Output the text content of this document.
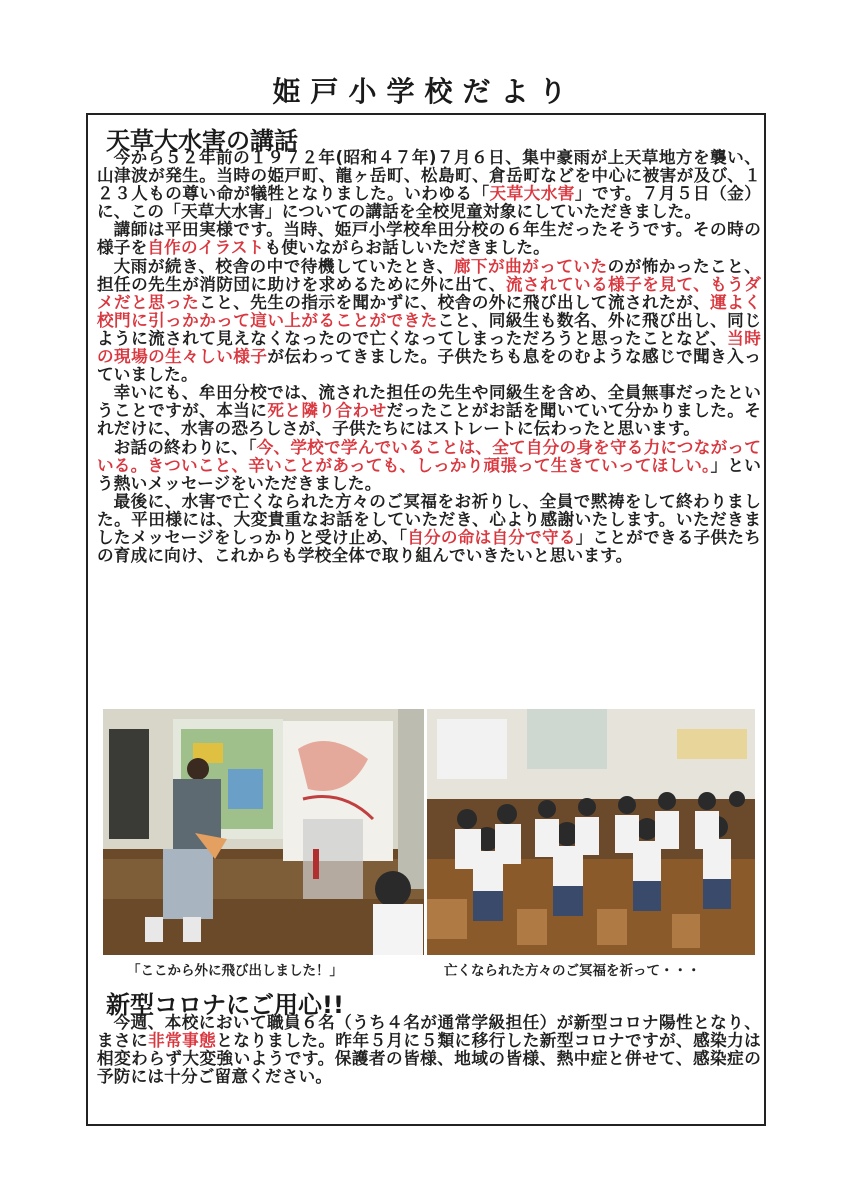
姫戸小学校だより
天草大水害の講話

今から５２年前の１９７２年(昭和４７年)７月６日、集中豪雨が上天草地方を襲い、山津波が発生。当時の姫戸町、龍ヶ岳町、松島町、倉岳町などを中心に被害が及び、１２３人もの尊い命が犠牲となりました。いわゆる「天草大水害」です。７月５日（金）に、この「天草大水害」についての講話を全校児童対象にしていただきました。

講師は平田実様です。当時、姫戸小学校牟田分校の６年生だったそうです。その時の様子を自作のイラストも使いながらお話しいただきました。

大雨が続き、校舎の中で待機していたとき、廊下が曲がっていたのが怖かったこと、担任の先生が消防団に助けを求めるために外に出て、流されている様子を見て、もうダメだと思ったこと、先生の指示を聞かずに、校舎の外に飛び出して流されたが、運よく校門に引っかかって這い上がることができたこと、同級生も数名、外に飛び出し、同じように流されて見えなくなったので亡くなってしまっただろうと思ったことなど、当時の現場の生々しい様子が伝わってきました。子供たちも息をのむような感じで聞き入っていました。

幸いにも、牟田分校では、流された担任の先生や同級生を含め、全員無事だったということですが、本当に死と隣り合わせだったことがお話を聞いていて分かりました。それだけに、水害の恐ろしさが、子供たちにはストレートに伝わったと思います。

お話の終わりに、「今、学校で学んでいることは、全て自分の身を守る力につながっている。きついこと、辛いことがあっても、しっかり頑張って生きていってほしい。」という熱いメッセージをいただきました。

最後に、水害で亡くなられた方々のご冥福をお祈りし、全員で黙祷をして終わりました。平田様には、大変貴重なお話をしていただき、心より感謝いたします。いただきましたメッセージをしっかりと受け止め、「自分の命は自分で守る」ことができる子供たちの育成に向け、これからも学校全体で取り組んでいきたいと思います。

「ここから外に飛び出しました！」	亡くなられた方々のご冥福を祈って・・・
新型コロナにご用心!!

今週、本校において職員６名（うち４名が通常学級担任）が新型コロナ陽性となり、まさに非常事態となりました。昨年５月に５類に移行した新型コロナですが、感染力は相変わらず大変強いようです。保護者の皆様、地域の皆様、熱中症と併せて、感染症の予防には十分ご留意ください。
